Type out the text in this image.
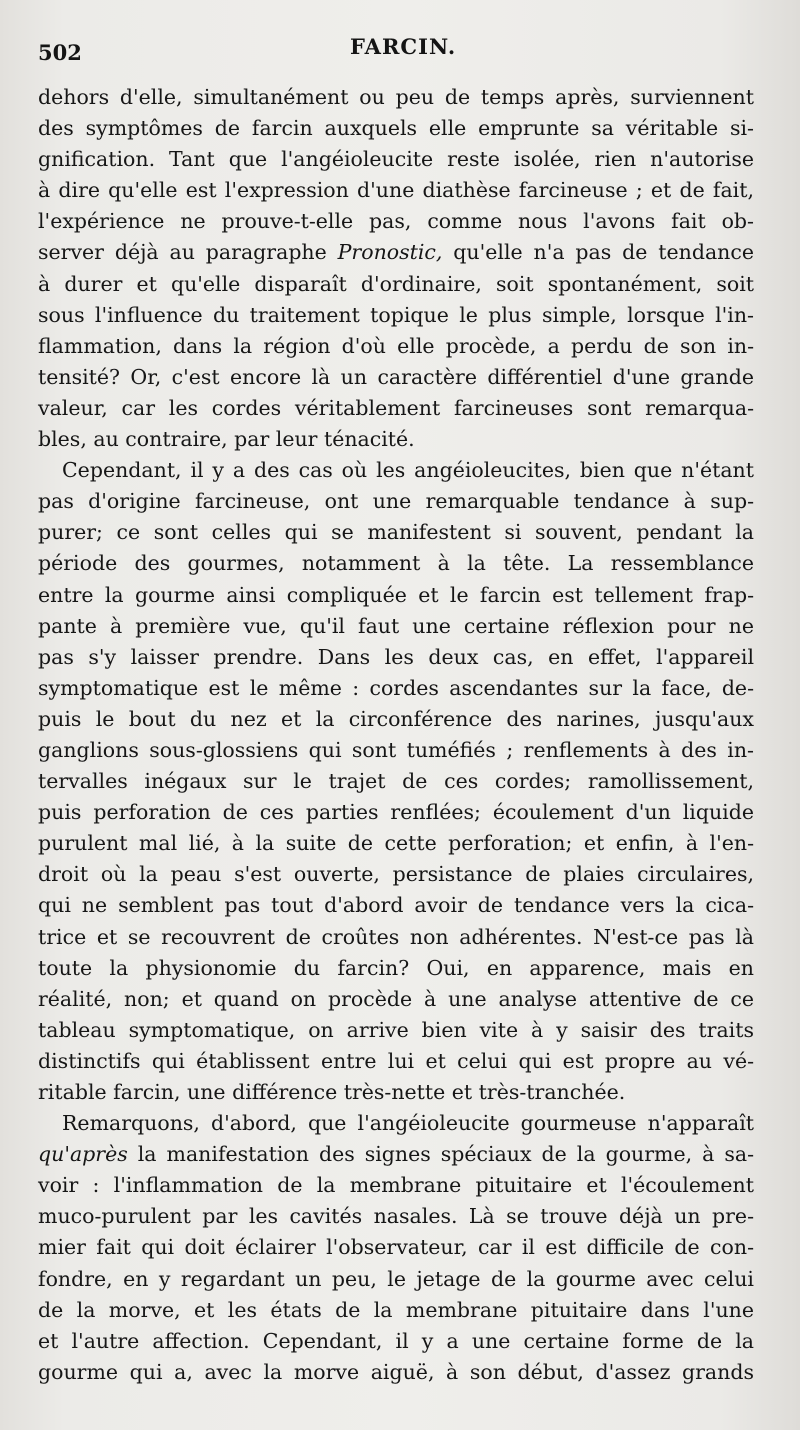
502	FARCIN.
dehors d'elle, simultanément ou peu de temps après, surviennent
des symptômes de farcin auxquels elle emprunte sa véritable si-
gnification. Tant que l'angéioleucite reste isolée, rien n'autorise
à dire qu'elle est l'expression d'une diathèse farcineuse ; et de fait,
l'expérience ne prouve-t-elle pas, comme nous l'avons fait ob-
server déjà au paragraphe Pronostic, qu'elle n'a pas de tendance
à durer et qu'elle disparaît d'ordinaire, soit spontanément, soit
sous l'influence du traitement topique le plus simple, lorsque l'in-
flammation, dans la région d'où elle procède, a perdu de son in-
tensité? Or, c'est encore là un caractère différentiel d'une grande
valeur, car les cordes véritablement farcineuses sont remarqua-
bles, au contraire, par leur ténacité.
Cependant, il y a des cas où les angéioleucites, bien que n'étant
pas d'origine farcineuse, ont une remarquable tendance à sup-
purer; ce sont celles qui se manifestent si souvent, pendant la
période des gourmes, notamment à la tête. La ressemblance
entre la gourme ainsi compliquée et le farcin est tellement frap-
pante à première vue, qu'il faut une certaine réflexion pour ne
pas s'y laisser prendre. Dans les deux cas, en effet, l'appareil
symptomatique est le même : cordes ascendantes sur la face, de-
puis le bout du nez et la circonférence des narines, jusqu'aux
ganglions sous-glossiens qui sont tuméfiés ; renflements à des in-
tervalles inégaux sur le trajet de ces cordes; ramollissement,
puis perforation de ces parties renflées; écoulement d'un liquide
purulent mal lié, à la suite de cette perforation; et enfin, à l'en-
droit où la peau s'est ouverte, persistance de plaies circulaires,
qui ne semblent pas tout d'abord avoir de tendance vers la cica-
trice et se recouvrent de croûtes non adhérentes. N'est-ce pas là
toute la physionomie du farcin? Oui, en apparence, mais en
réalité, non; et quand on procède à une analyse attentive de ce
tableau symptomatique, on arrive bien vite à y saisir des traits
distinctifs qui établissent entre lui et celui qui est propre au vé-
ritable farcin, une différence très-nette et très-tranchée.
Remarquons, d'abord, que l'angéioleucite gourmeuse n'apparaît
qu'après la manifestation des signes spéciaux de la gourme, à sa-
voir : l'inflammation de la membrane pituitaire et l'écoulement
muco-purulent par les cavités nasales. Là se trouve déjà un pre-
mier fait qui doit éclairer l'observateur, car il est difficile de con-
fondre, en y regardant un peu, le jetage de la gourme avec celui
de la morve, et les états de la membrane pituitaire dans l'une
et l'autre affection. Cependant, il y a une certaine forme de la
gourme qui a, avec la morve aiguë, à son début, d'assez grands
